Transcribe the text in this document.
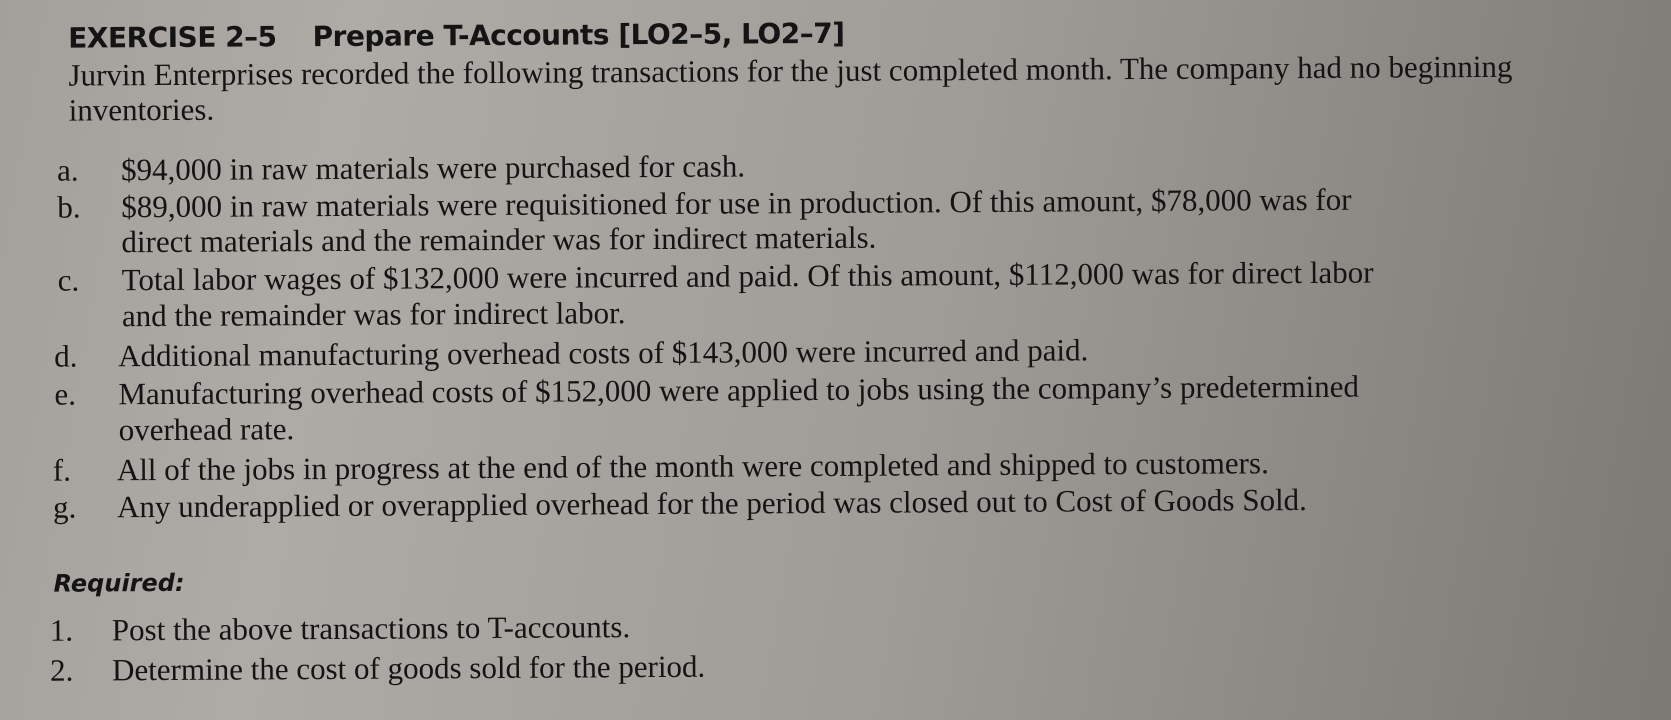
EXERCISE 2–5 Prepare T-Accounts [LO2–5, LO2–7]
Jurvin Enterprises recorded the following transactions for the just completed month. The company had no beginning inventories.
a. $94,000 in raw materials were purchased for cash.
b. $89,000 in raw materials were requisitioned for use in production. Of this amount, $78,000 was for
direct materials and the remainder was for indirect materials.
c. Total labor wages of $132,000 were incurred and paid. Of this amount, $112,000 was for direct labor
and the remainder was for indirect labor.
d. Additional manufacturing overhead costs of $143,000 were incurred and paid.
e. Manufacturing overhead costs of $152,000 were applied to jobs using the company’s predetermined
overhead rate.
f. All of the jobs in progress at the end of the month were completed and shipped to customers.
g. Any underapplied or overapplied overhead for the period was closed out to Cost of Goods Sold.
Required:
1. Post the above transactions to T-accounts.
2. Determine the cost of goods sold for the period.
